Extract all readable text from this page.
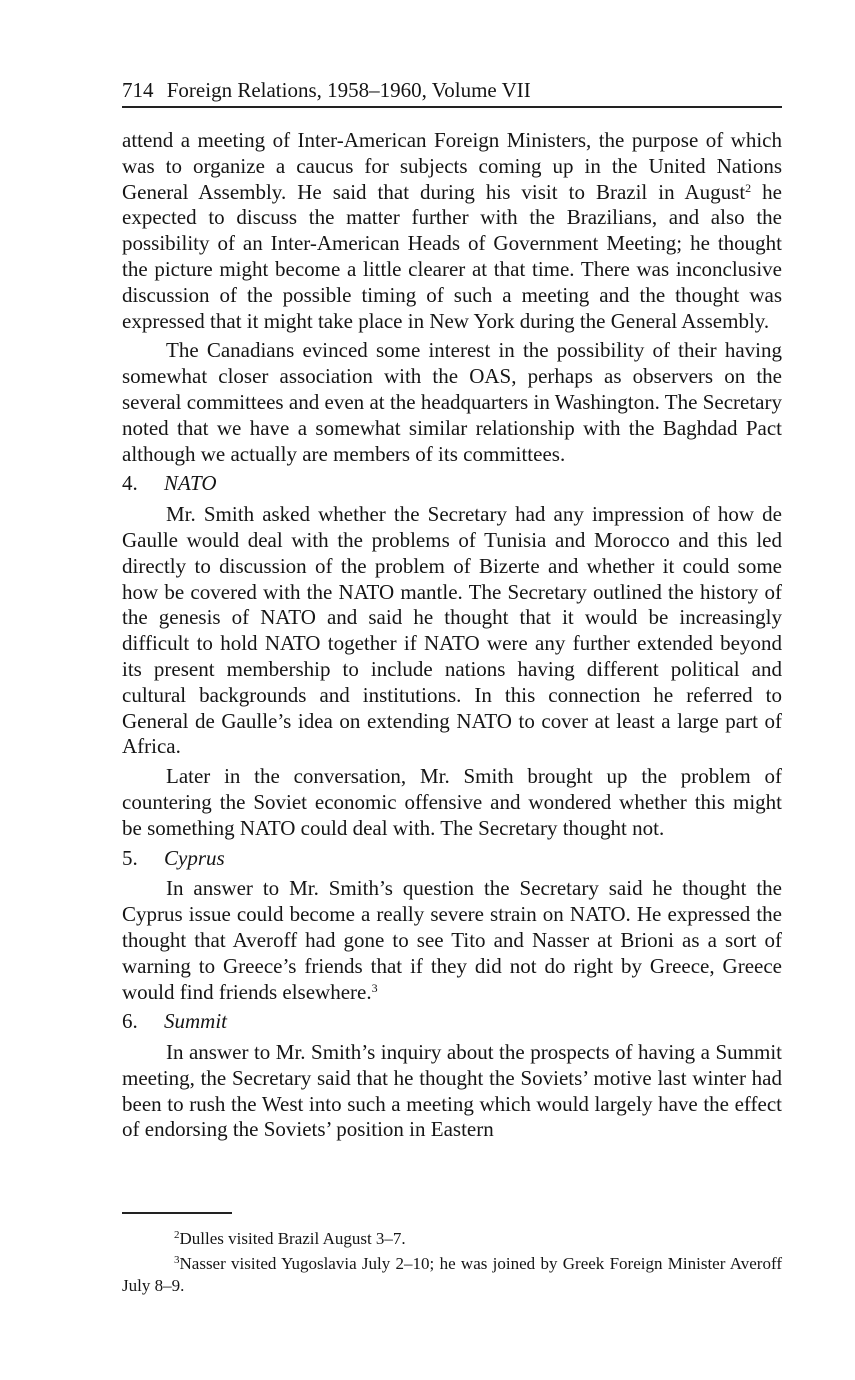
714 Foreign Relations, 1958–1960, Volume VII

attend a meeting of Inter-American Foreign Ministers, the purpose of which was to organize a caucus for subjects coming up in the United Nations General Assembly. He said that during his visit to Brazil in August$^2$ he expected to discuss the matter further with the Brazilians, and also the possibility of an Inter-American Heads of Government Meeting; he thought the picture might become a little clearer at that time. There was inconclusive discussion of the possible timing of such a meeting and the thought was expressed that it might take place in New York during the General Assembly.

The Canadians evinced some interest in the possibility of their having somewhat closer association with the OAS, perhaps as observers on the several committees and even at the headquarters in Washington. The Secretary noted that we have a somewhat similar relationship with the Baghdad Pact although we actually are members of its committees.

4. NATO

Mr. Smith asked whether the Secretary had any impression of how de Gaulle would deal with the problems of Tunisia and Morocco and this led directly to discussion of the problem of Bizerte and whether it could some how be covered with the NATO mantle. The Secretary outlined the history of the genesis of NATO and said he thought that it would be increasingly difficult to hold NATO together if NATO were any further extended beyond its present membership to include nations having different political and cultural backgrounds and institutions. In this connection he referred to General de Gaulle’s idea on extending NATO to cover at least a large part of Africa.

Later in the conversation, Mr. Smith brought up the problem of countering the Soviet economic offensive and wondered whether this might be something NATO could deal with. The Secretary thought not.

5. Cyprus

In answer to Mr. Smith’s question the Secretary said he thought the Cyprus issue could become a really severe strain on NATO. He expressed the thought that Averoff had gone to see Tito and Nasser at Brioni as a sort of warning to Greece’s friends that if they did not do right by Greece, Greece would find friends elsewhere.$^3$

6. Summit

In answer to Mr. Smith’s inquiry about the prospects of having a Summit meeting, the Secretary said that he thought the Soviets’ motive last winter had been to rush the West into such a meeting which would largely have the effect of endorsing the Soviets’ position in Eastern

$^2$Dulles visited Brazil August 3–7.

$^3$Nasser visited Yugoslavia July 2–10; he was joined by Greek Foreign Minister Averoff July 8–9.
